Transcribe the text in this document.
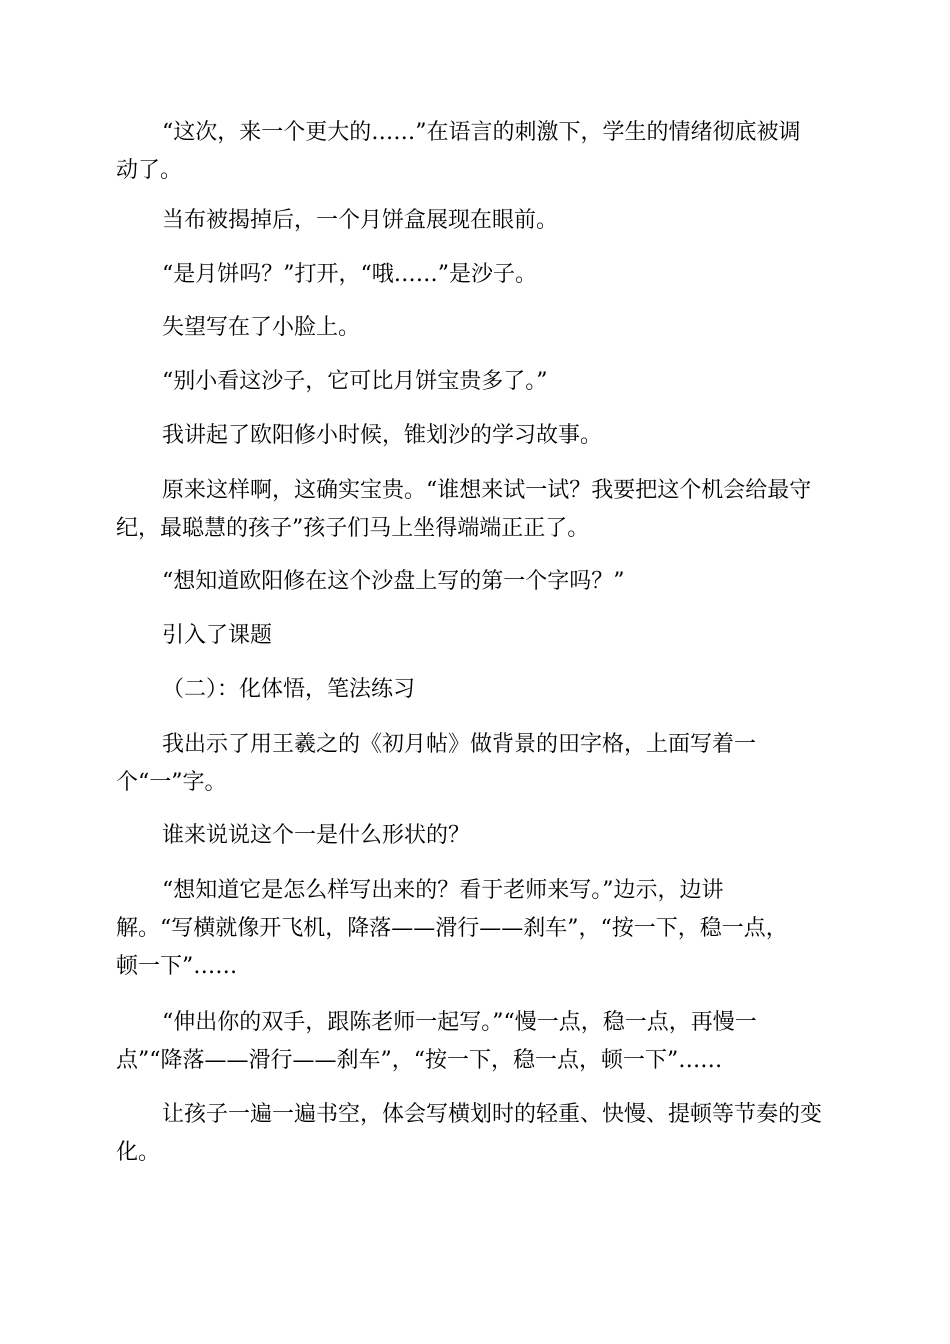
“这次，来一个更大的……”在语言的刺激下，学生的情绪彻底被调
动了。

当布被揭掉后，一个月饼盒展现在眼前。

“是月饼吗？”打开，“哦……”是沙子。

失望写在了小脸上。

“别小看这沙子，它可比月饼宝贵多了。”

我讲起了欧阳修小时候，锥划沙的学习故事。

原来这样啊，这确实宝贵。“谁想来试一试？我要把这个机会给最守
纪，最聪慧的孩子”孩子们马上坐得端端正正了。

“想知道欧阳修在这个沙盘上写的第一个字吗？”

引入了课题

（二）：化体悟，笔法练习

我出示了用王羲之的《初月帖》做背景的田字格，上面写着一
个“一”字。

谁来说说这个一是什么形状的？

“想知道它是怎么样写出来的？看于老师来写。”边示，边讲
解。“写横就像开飞机，降落——滑行——刹车”，“按一下，稳一点，
顿一下”……

“伸出你的双手，跟陈老师一起写。”“慢一点，稳一点，再慢一
点”“降落——滑行——刹车”，“按一下，稳一点，顿一下”……

让孩子一遍一遍书空，体会写横划时的轻重、快慢、提顿等节奏的变
化。
